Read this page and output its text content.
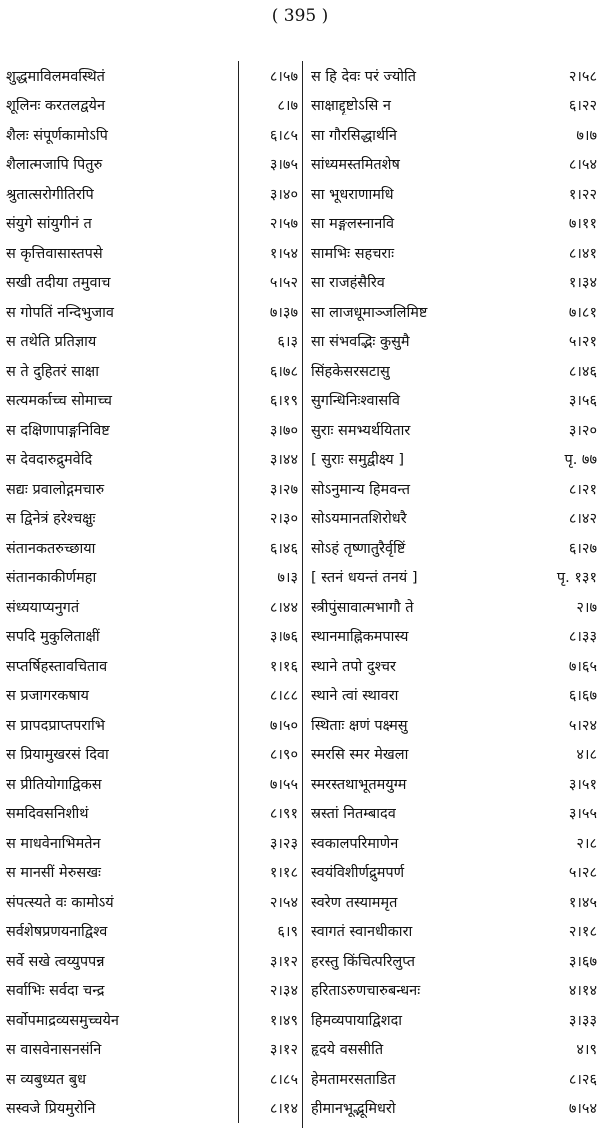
( 395 )
शुद्धमाविलमवस्थितं	८।५७
शूलिनः करतलद्वयेन	८।७
शैलः संपूर्णकामोऽपि	६।८५
शैलात्मजापि पितुरु	३।७५
श्रुतात्सरोगीतिरपि	३।४०
संयुगे सांयुगीनं त	२।५७
स कृत्तिवासास्तपसे	१।५४
सखी तदीया तमुवाच	५।५२
स गोपतिं नन्दिभुजाव	७।३७
स तथेति प्रतिज्ञाय	६।३
स ते दुहितरं साक्षा	६।७८
सत्यमर्काच्च सोमाच्च	६।१९
स दक्षिणापाङ्गनिविष्ट	३।७०
स देवदारुद्रुमवेदि	३।४४
सद्यः प्रवालोद्गमचारु	३।२७
स द्विनेत्रं हरेश्चक्षुः	२।३०
संतानकतरुच्छाया	६।४६
संतानकाकीर्णमहा	७।३
संध्ययाप्यनुगतं	८।४४
सपदि मुकुलिताक्षीं	३।७६
सप्तर्षिहस्तावचिताव	१।१६
स प्रजागरकषाय	८।८८
स प्रापदप्राप्तपराभि	७।५०
स प्रियामुखरसं दिवा	८।९०
स प्रीतियोगाद्विकस	७।५५
समदिवसनिशीथं	८।९१
स माधवेनाभिमतेन	३।२३
स मानसीं मेरुसखः	१।१८
संपत्स्यते वः कामोऽयं	२।५४
सर्वशेषप्रणयनाद्विश्व	६।९
सर्वे सखे त्वय्युपपन्न	३।१२
सर्वाभिः सर्वदा चन्द्र	२।३४
सर्वोपमाद्रव्यसमुच्चयेन	१।४९
स वासवेनासनसंनि	३।१२
स व्यबुध्यत बुध	८।८५
सस्वजे प्रियमुरोनि	८।१४
स हि देवः परं ज्योति	२।५८
साक्षाद्दृष्टोऽसि न	६।२२
सा गौरसिद्धार्थनि	७।७
सांध्यमस्तमितशेष	८।५४
सा भूधराणामधि	१।२२
सा मङ्गलस्नानवि	७।११
सामभिः सहचराः	८।४१
सा राजहंसैरिव	१।३४
सा लाजधूमाञ्जलिमिष्ट	७।८१
सा संभवद्भिः कुसुमै	५।२१
सिंहकेसरसटासु	८।४६
सुगन्धिनिःश्वासवि	३।५६
सुराः समभ्यर्थयितार	३।२०
[ सुराः समुद्वीक्ष्य ]	पृ. ७७
सोऽनुमान्य हिमवन्त	८।२१
सोऽयमानतशिरोधरै	८।४२
सोऽहं तृष्णातुरैर्वृष्टिं	६।२७
[ स्तनं धयन्तं तनयं ]	पृ. १३१
स्त्रीपुंसावात्मभागौ ते	२।७
स्थानमाह्निकमपास्य	८।३३
स्थाने तपो दुश्चर	७।६५
स्थाने त्वां स्थावरा	६।६७
स्थिताः क्षणं पक्ष्मसु	५।२४
स्मरसि स्मर मेखला	४।८
स्मरस्तथाभूतमयुग्म	३।५१
स्रस्तां नितम्बादव	३।५५
स्वकालपरिमाणेन	२।८
स्वयंविशीर्णद्रुमपर्ण	५।२८
स्वरेण तस्याममृत	१।४५
स्वागतं स्वानधीकारा	२।१८
हरस्तु किंचित्परिलुप्त	३।६७
हरिताऽरुणचारुबन्धनः	४।१४
हिमव्यपायाद्विशदा	३।३३
हृदये वससीति	४।९
हेमतामरसताडित	८।२६
हीमानभूद्भूमिधरो	७।५४
